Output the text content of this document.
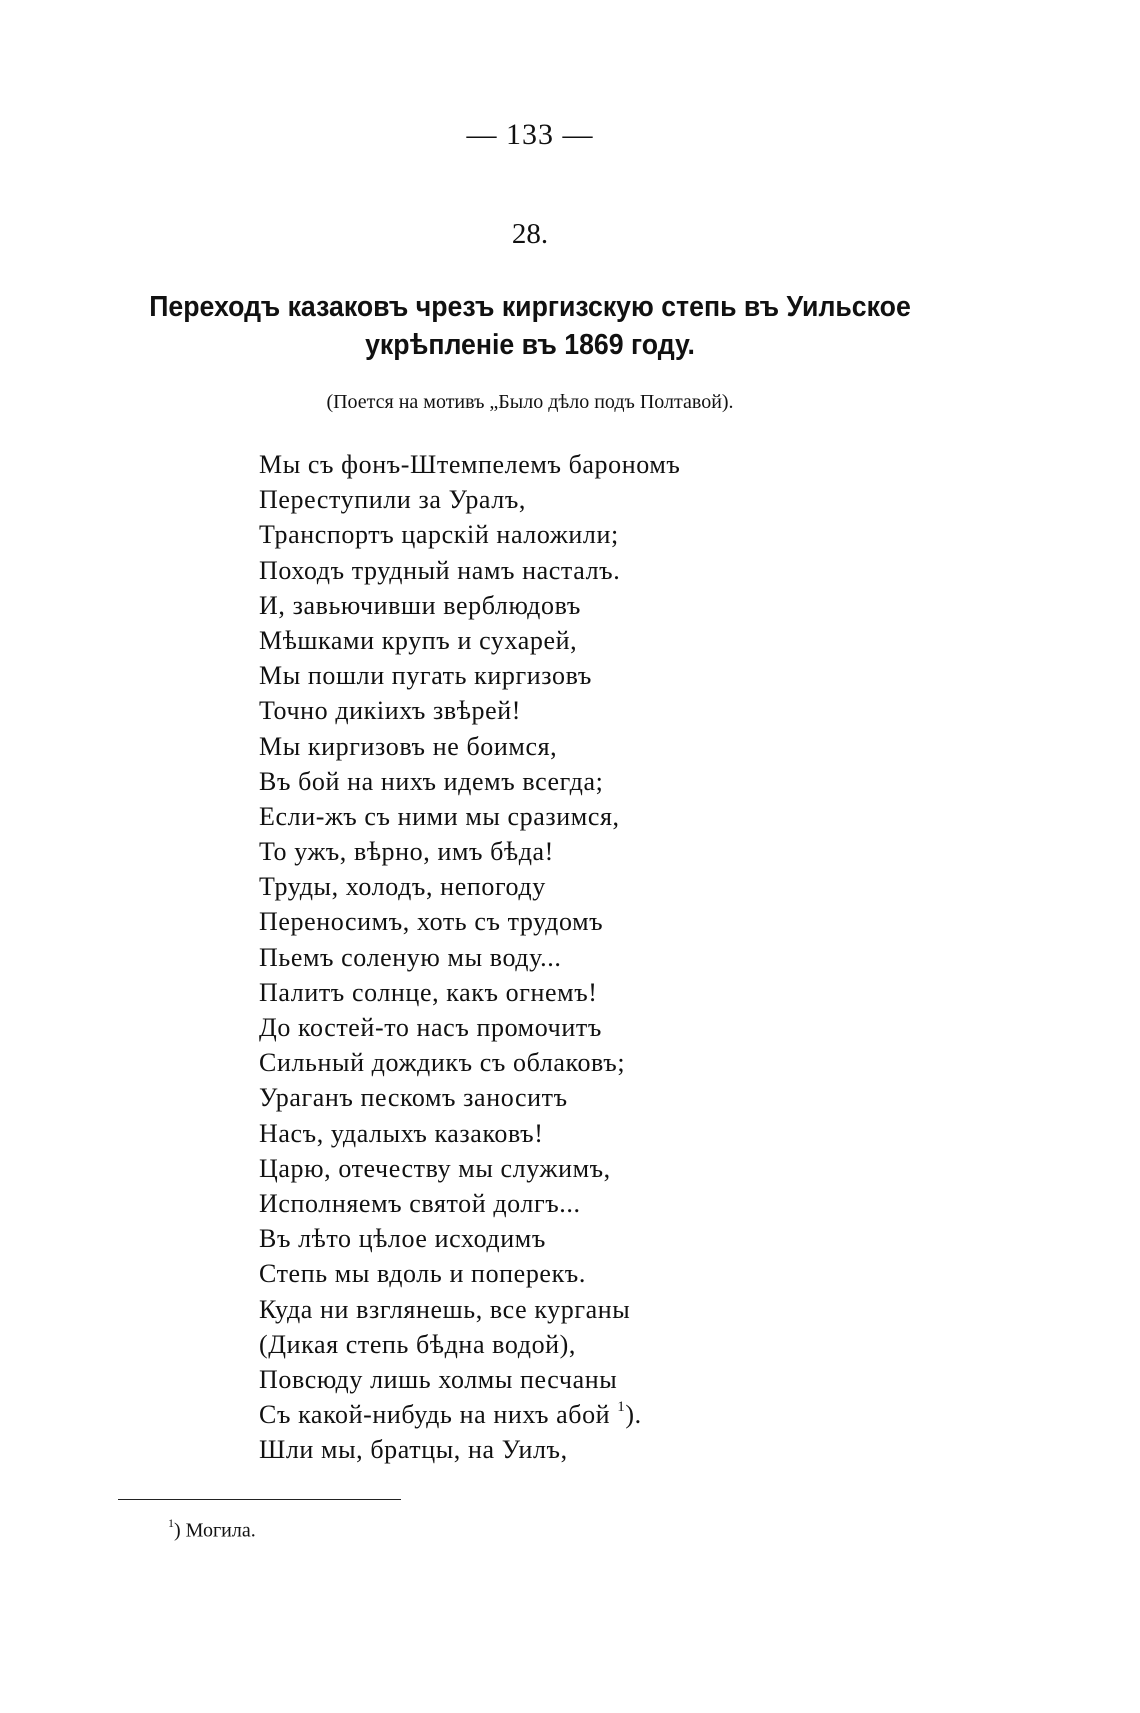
— 133 —
28.
Переходъ казаковъ чрезъ киргизскую степь въ Уильское
укрѣпленіе въ 1869 году.
(Поется на мотивъ „Было дѣло подъ Полтавой).
Мы съ фонъ-Штемпелемъ барономъ
Переступили за Уралъ,
Транспортъ царскій наложили;
Походъ трудный намъ насталъ.
И, завьючивши верблюдовъ
Мѣшками крупъ и сухарей,
Мы пошли пугать киргизовъ
Точно дикіихъ звѣрей!
Мы киргизовъ не боимся,
Въ бой на нихъ идемъ всегда;
Если-жъ съ ними мы сразимся,
То ужъ, вѣрно, имъ бѣда!
Труды, холодъ, непогоду
Переносимъ, хоть съ трудомъ
Пьемъ соленую мы воду...
Палитъ солнце, какъ огнемъ!
До костей-то насъ промочитъ
Сильный дождикъ съ облаковъ;
Ураганъ пескомъ заноситъ
Насъ, удалыхъ казаковъ!
Царю, отечеству мы служимъ,
Исполняемъ святой долгъ...
Въ лѣто цѣлое исходимъ
Степь мы вдоль и поперекъ.
Куда ни взглянешь, все курганы
(Дикая степь бѣдна водой),
Повсюду лишь холмы песчаны
Съ какой-нибудь на нихъ абой $^1$).
Шли мы, братцы, на Уилъ,
$^1$) Могила.
